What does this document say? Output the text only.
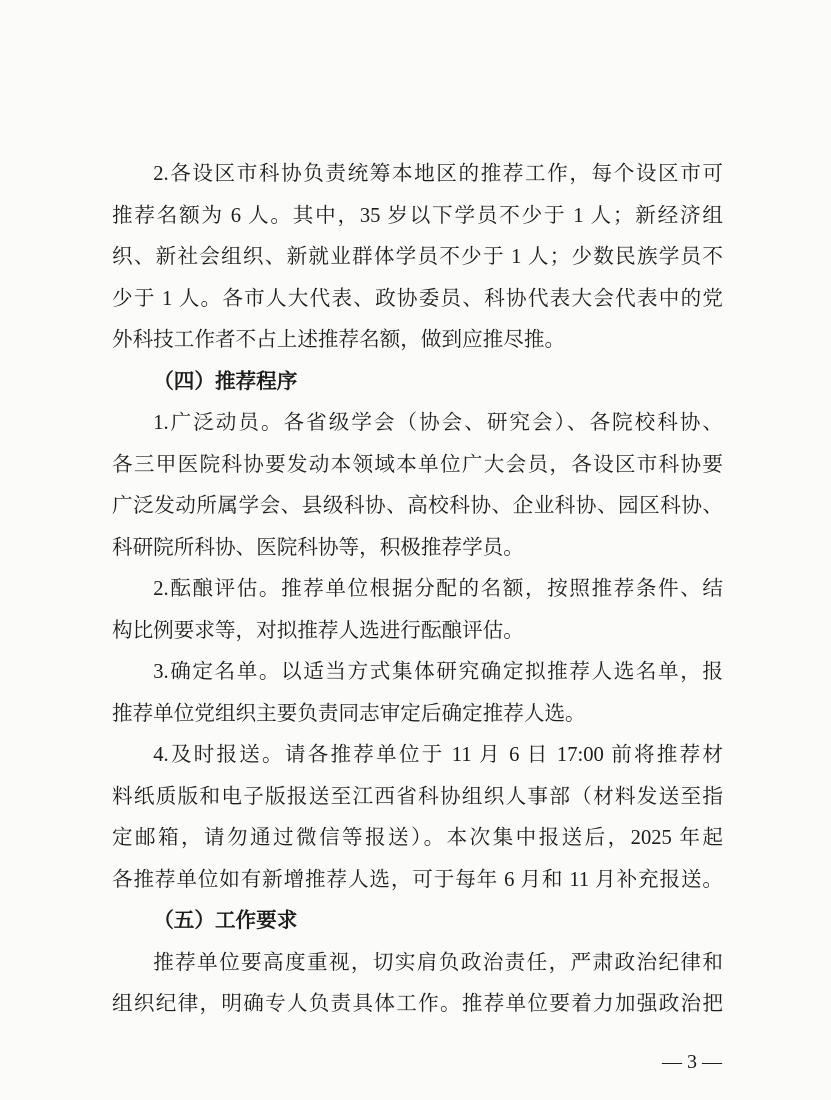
2.各设区市科协负责统筹本地区的推荐工作，每个设区市可
推荐名额为 6 人。其中，35 岁以下学员不少于 1 人；新经济组
织、新社会组织、新就业群体学员不少于 1 人；少数民族学员不
少于 1 人。各市人大代表、政协委员、科协代表大会代表中的党
外科技工作者不占上述推荐名额，做到应推尽推。
（四）推荐程序
1.广泛动员。各省级学会（协会、研究会）、各院校科协、
各三甲医院科协要发动本领域本单位广大会员，各设区市科协要
广泛发动所属学会、县级科协、高校科协、企业科协、园区科协、
科研院所科协、医院科协等，积极推荐学员。
2.酝酿评估。推荐单位根据分配的名额，按照推荐条件、结
构比例要求等，对拟推荐人选进行酝酿评估。
3.确定名单。以适当方式集体研究确定拟推荐人选名单，报
推荐单位党组织主要负责同志审定后确定推荐人选。
4.及时报送。请各推荐单位于 11 月 6 日 17:00 前将推荐材
料纸质版和电子版报送至江西省科协组织人事部（材料发送至指
定邮箱，请勿通过微信等报送）。本次集中报送后，2025 年起
各推荐单位如有新增推荐人选，可于每年 6 月和 11 月补充报送。
（五）工作要求
推荐单位要高度重视，切实肩负政治责任，严肃政治纪律和
组织纪律，明确专人负责具体工作。推荐单位要着力加强政治把
— 3 —
